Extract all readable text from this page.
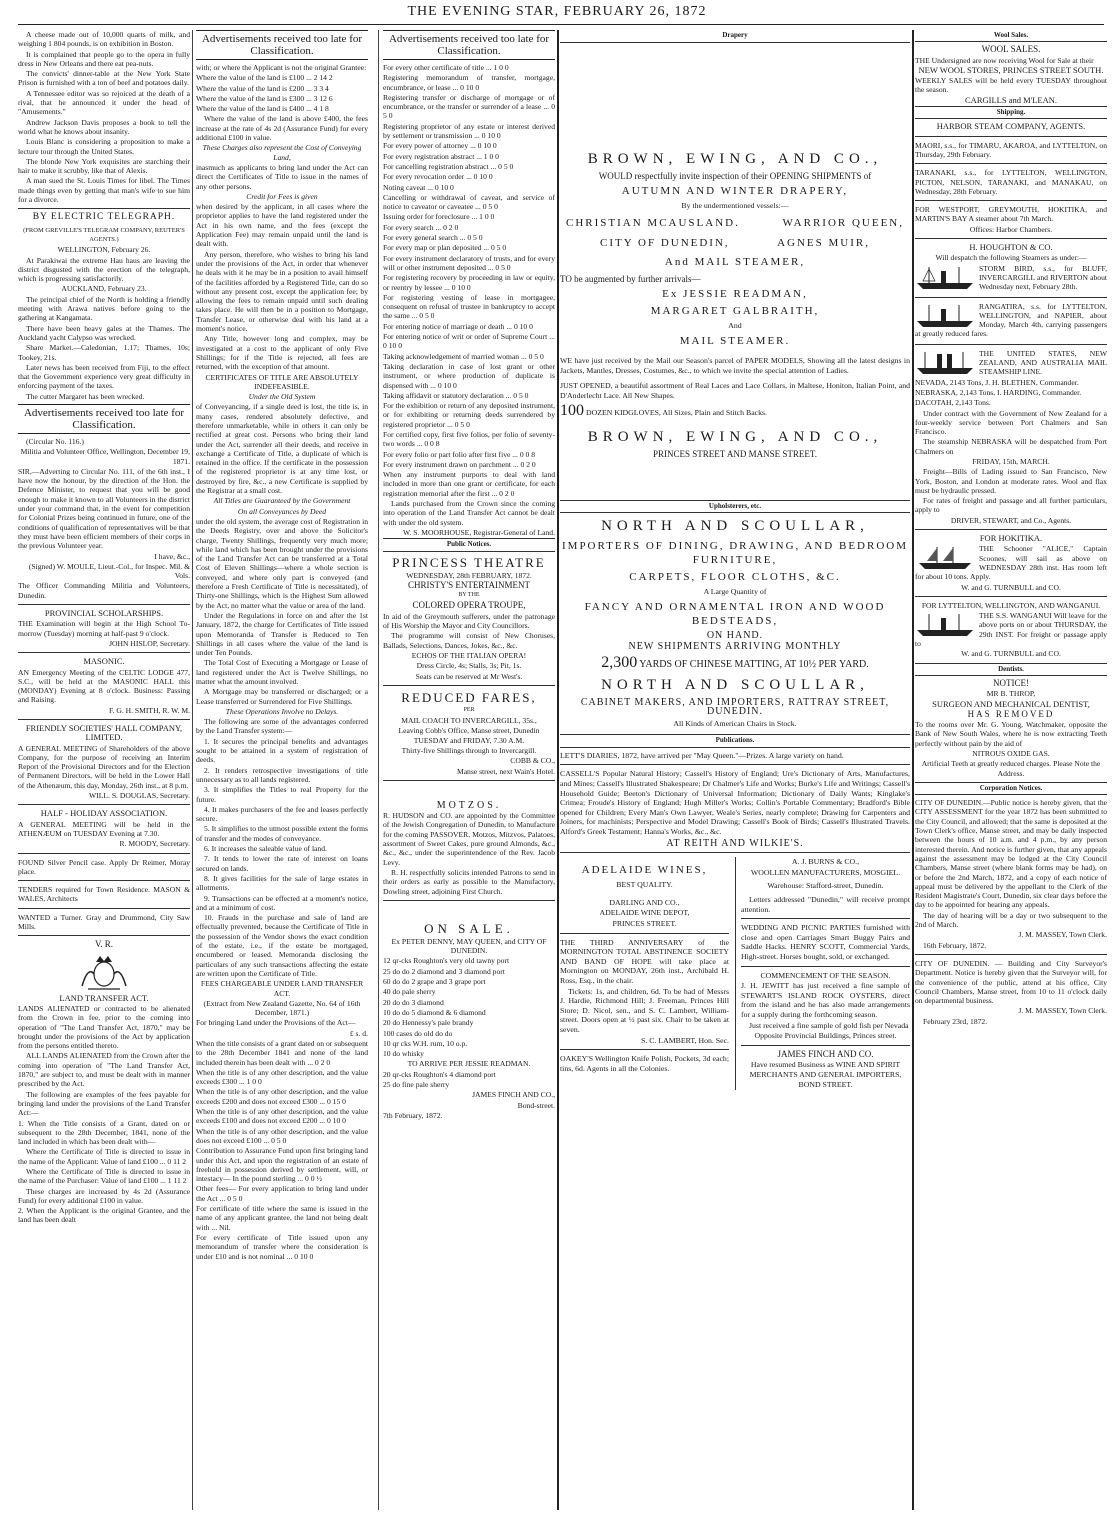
THE EVENING STAR, FEBRUARY 26, 1872

A cheese made out of 10,000 quarts of milk, and weighing 1 804 pounds, is on exhibition in Boston.

It is complained that people go to the opera in fully dress in New Orleans and there eat pea-nuts.

The convicts' dinner-table at the New York State Prison is furnished with a ton of beef and potatoes daily.

A Tennessee editor was so rejoiced at the death of a rival, that he announced it under the head of "Amusements."

Andrew Jackson Davis proposes a book to tell the world what he knows about insanity.

Louis Blanc is considering a proposition to make a lecture tour through the United States.

The blonde New York exquisites are starching their hair to make it scrubby, like that of Alexis.

A man sued the St. Louis Times for libel. The Times made things even by getting that man's wife to sue him for a divorce.

BY ELECTRIC TELEGRAPH.

(FROM GREVILLE'S TELEGRAM COMPANY, REUTER'S AGENTS.)

WELLINGTON, February 26.

At Parakiwai the extreme Hau haus are leaving the district disgusted with the erection of the telegraph, which is progressing satisfactorily.

AUCKLAND, February 23.

The principal chief of the North is holding a friendly meeting with Arawa natives before going to the gathering at Kangamata.

There have been heavy gales at the Thames. The Auckland yacht Calypso was wrecked.

Share Market.—Caledonian, 1.17; Thames, 10s; Tookey, 21s.

Later news has been received from Fiji, to the effect that the Government experience very great difficulty in enforcing payment of the taxes.

The cutter Margaret has been wrecked.

Advertisements received too late for Classification.

(Circular No. 116.)

Militia and Volunteer Office, Wellington, December 19, 1871.

SIR,—Adverting to Circular No. 111, of the 6th inst., I have now the honour, by the direction of the Hon. the Defence Minister, to request that you will be good enough to make it known to all Volunteers in the district under your command that, in the event for competition for Colonial Prizes being continued in future, one of the conditions of qualification of representatives will be that they must have been efficient members of their corps in the previous Volunteer year.

I have, &c.,

(Signed) W. MOULE, Lieut.-Col., for Inspec. Mil. & Vols.

The Officer Commanding Militia and Volunteers, Dunedin.

PROVINCIAL SCHOLARSHIPS.

THE Examination will begin at the High School To-morrow (Tuesday) morning at half-past 9 o'clock.

JOHN HISLOP, Secretary.

MASONIC.

AN Emergency Meeting of the CELTIC LODGE 477, S.C., will be held at the MASONIC HALL this (MONDAY) Evening at 8 o'clock. Business: Passing and Raising.

F. G. H. SMITH, R. W. M.

FRIENDLY SOCIETIES' HALL COMPANY, LIMITED.

A GENERAL MEETING of Shareholders of the above Company, for the purpose of receiving an Interim Report of the Provisional Directors and for the Election of Permanent Directors, will be held in the Lower Hall of the Athenæum, this day, Monday, 26th inst., at 8 p.m.

WILL. S. DOUGLAS, Secretary.

HALF - HOLIDAY ASSOCIATION.

A GENERAL MEETING will be held in the ATHENÆUM on TUESDAY Evening at 7.30.

R. MOODY, Secretary.

FOUND Silver Pencil case. Apply Dr Reimer, Moray place.

TENDERS required for Town Residence. MASON & WALES, Architects

WANTED a Turner. Gray and Drummond, City Saw Mills.

V. R.

LAND TRANSFER ACT.

LANDS ALIENATED or contracted to be alienated from the Crown in fee, prior to the coming into operation of "The Land Transfer Act, 1870," may be brought under the provisions of the Act by application from the persons entitled thereto.

ALL LANDS ALIENATED from the Crown after the coming into operation of "The Land Transfer Act, 1870," are subject to, and must be dealt with in manner prescribed by the Act.

The following are examples of the fees payable for bringing land under the provisions of the Land Transfer Act:—

1. When the Title consists of a Grant, dated on or subsequent to the 28th December, 1841, none of the land included in which has been dealt with—

Where the Certificate of Title is directed to issue in the name of the Applicant: Value of land £100 ... 0 11 2

Where the Certificate of Title is directed to issue in the name of the Purchaser: Value of land £100 ... 1 11 2

These charges are increased by 4s 2d (Assurance Fund) for every additional £100 in value.

2. When the Applicant is the original Grantee, and the land has been dealt

Advertisements received too late for Classification.

with; or where the Applicant is not the original Grantee:

Where the value of the land is £100 ... 2 14 2

Where the value of the land is £200 ... 3 3 4

Where the value of the land is £300 ... 3 12 6

Where the value of the land is £400 ... 4 1 8

Where the value of the land is above £400, the fees increase at the rate of 4s 2d (Assurance Fund) for every additional £100 in value.

These Charges also represent the Cost of Conveying Land,

inasmuch as applicants to bring land under the Act can direct the Certificates of Title to issue in the names of any other persons.

Credit for Fees is given

when desired by the applicant, in all cases where the proprietor applies to have the land registered under the Act in his own name, and the fees (except the Application Fee) may remain unpaid until the land is dealt with.

Any person, therefore, who wishes to bring his land under the provisions of the Act, in order that whenever he deals with it he may be in a position to avail himself of the facilities afforded by a Registered Title, can do so without any present cost, except the application fee; by allowing the fees to remain unpaid until such dealing takes place. He will then be in a position to Mortgage, Transfer Lease, or otherwise deal with his land at a moment's notice.

Any Title, however long and complex, may be investigated at a cost to the applicant of only Five Shillings; for if the Title is rejected, all fees are returned, with the exception of that amount.

CERTIFICATES OF TITLE ARE ABSOLUTELY INDEFEASIBLE.

Under the Old System

of Conveyancing, if a single deed is lost, the title is, in many cases, rendered absolutely defective, and therefore unmarketable, while in others it can only be rectified at great cost. Persons who bring their land under the Act, surrender all their deeds, and receive in exchange a Certificate of Title, a duplicate of which is retained in the office. If the certificate in the possession of the registered proprietor is at any time lost, or destroyed by fire, &c., a new Certificate is supplied by the Registrar at a small cost.

All Titles are Guaranteed by the Government

On all Conveyances by Deed

under the old system, the average cost of Registration in the Deeds Registry, over and above the Solicitor's charge, Twenty Shillings, frequently very much more; while land which has been brought under the provisions of the Land Transfer Act can be transferred at a Total Cost of Eleven Shillings—where a whole section is conveyed, and where only part is conveyed (and therefore a Fresh Certificate of Title is necessitated), of Thirty-one Shillings, which is the Highest Sum allowed by the Act, no matter what the value or area of the land.

Under the Regulations in force on and after the 1st January, 1872, the charge for Certificates of Title issued upon Memoranda of Transfer is Reduced to Ten Shillings in all cases where the value of the land is under Ten Pounds.

The Total Cost of Executing a Mortgage or Lease of land registered under the Act is Twelve Shillings, no matter what the amount involved.

A Mortgage may be transferred or discharged; or a Lease transferred or Surrendered for Five Shillings.

These Operations Involve no Delays.

The following are some of the advantages conferred by the Land Transfer system:—

1. It secures the principal benefits and advantages sought to be attained in a system of registration of deeds.

2. It renders retrospective investigations of title unnecessary as to all lands registered.

3. It simplifies the Titles to real Property for the future.

4. It makes purchasers of the fee and leases perfectly secure.

5. It simplifies to the utmost possible extent the forms of transfer and the modes of conveyance.

6. It increases the saleable value of land.

7. It tends to lower the rate of interest on loans secured on lands.

8. It gives facilities for the sale of large estates in allotments.

9. Transactions can be effected at a moment's notice, and at a minimum of cost.

10. Frauds in the purchase and sale of land are effectually prevented, because the Certificate of Title in the possession of the Vendor shows the exact condition of the estate, i.e., if the estate be mortgaged, encumbered or leased. Memoranda disclosing the particulars of any such transactions affecting the estate are written upon the Certificate of Title.

FEES CHARGEABLE UNDER LAND TRANSFER ACT.

(Extract from New Zealand Gazette, No. 64 of 16th December, 1871.)

For bringing Land under the Provisions of the Act—

£ s. d.

When the title consists of a grant dated on or subsequent to the 28th December 1841 and none of the land included therein has been dealt with ... 0 2 0

When the title is of any other description, and the value exceeds £300 ... 1 0 0

When the title is of any other description, and the value exceeds £200 and does not exceed £300 ... 0 15 0

When the title is of any other description, and the value exceeds £100 and does not exceed £200 ... 0 10 0

When the title is of any other description, and the value does not exceed £100 ... 0 5 0

Contribution to Assurance Fund upon first bringing land under this Act, and upon the registration of an estate of freehold in possession derived by settlement, will, or intestacy— In the pound sterling ... 0 0 ½

Other fees— For every application to bring land under the Act ... 0 5 0

For certificate of title where the same is issued in the name of any applicant grantee, the land not being dealt with ... Nil.

For every certificate of Title issued upon any memorandum of transfer where the consideration is under £10 and is not nominal ... 0 10 0

Advertisements received too late for Classification.

For every other certificate of title ... 1 0 0

Registering memorandum of transfer, mortgage, encumbrance, or lease ... 0 10 0

Registering transfer or discharge of mortgage or of encumbrance, or the transfer or surrender of a lease ... 0 5 0

Registering proprietor of any estate or interest derived by settlement or transmission ... 0 10 0

For every power of attorney ... 0 10 0

For every registration abstract ... 1 0 0

For cancelling registration abstract ... 0 5 0

For every revocation order ... 0 10 0

Noting caveat ... 0 10 0

Cancelling or withdrawal of caveat, and service of notice to caveator or caveatee ... 0 5 0

Issuing order for foreclosure ... 1 0 0

For every search ... 0 2 0

For every general search ... 0 5 0

For every map or plan deposited ... 0 5 0

For every instrument declaratory of trusts, and for every will or other instrument deposited ... 0 5 0

For registering recovery by proceeding in law or equity, or reentry by lessee ... 0 10 0

For registering vesting of lease in mortgagee, consequent on refusal of trustee in bankruptcy to accept the same ... 0 5 0

For entering notice of marriage or death ... 0 10 0

For entering notice of writ or order of Supreme Court ... 0 10 0

Taking acknowledgement of married woman ... 0 5 0

Taking declaration in case of lost grant or other instrument, or where production of duplicate is dispensed with ... 0 10 0

Taking affidavit or statutory declaration ... 0 5 0

For the exhibition or return of any deposited instrument, or for exhibiting or returning deeds surrendered by registered proprietor ... 0 5 0

For certified copy, first five folios, per folio of seventy-two words ... 0 0 8

For every folio or part folio after first five ... 0 0 8

For every instrument drawn on parchment ... 0 2 0

When any instrument purports to deal with land included in more than one grant or certificate, for each registration memorial after the first ... 0 2 0

Lands purchased from the Crown since the coming into operation of the Land Transfer Act cannot be dealt with under the old system.

W. S. MOORHOUSE, Registrar-General of Land.

Public Notices.

PRINCESS THEATRE

WEDNESDAY, 28th FEBRUARY, 1872.

CHRISTY'S ENTERTAINMENT

BY THE

COLORED OPERA TROUPE,

In aid of the Greymouth sufferers, under the patronage of His Worship the Mayor and City Councillors.

The programme will consist of New Choruses, Ballads, Selections, Dances, Jokes, &c., &c.

ECHOS OF THE ITALIAN OPERA!

Dress Circle, 4s; Stalls, 3s; Pit, 1s.

Seats can be reserved at Mr West's.

REDUCED FARES,

PER

MAIL COACH TO INVERCARGILL, 35s.,

Leaving Cobb's Office, Manse street, Dunedin TUESDAY and FRIDAY, 7.30 A.M.

Thirty-five Shillings through to Invercargill.

COBB & CO.,

Manse street, next Wain's Hotel.

MOTZOS.

R. HUDSON and CO. are appointed by the Committee of the Jewish Congregation of Dunedin, to Manufacture for the coming PASSOVER, Motzos, Mitzvos, Palatoes, assortment of Sweet Cakes, pure ground Almonds, &c., &c., &c., under the superintendence of the Rev. Jacob Levy.

R. H. respectfully solicits intended Patrons to send in their orders as early as possible to the Manufactory, Dowling street, adjoining First Church.

ON SALE.

Ex PETER DENNY, MAY QUEEN, and CITY OF DUNEDIN.

12 qr-cks Roughton's very old tawny port

25 do do 2 diamond and 3 diamond port

60 do do 2 grape and 3 grape port

40 do pale sherry

20 do do 3 diamond

10 do do 5 diamond & 6 diamond

20 do Hennessy's pale brandy

100 cases do old do do

10 qr cks W.H. rum, 10 o.p.

10 do whisky

TO ARRIVE PER JESSIE READMAN.

20 qr-cks Roughton's 4 diamond port

25 do fine pale sherry

JAMES FINCH AND CO.,

Bond-street.

7th February, 1872.

Drapery

BROWN, EWING, AND CO.,

WOULD respectfully invite inspection of their OPENING SHIPMENTS of

AUTUMN AND WINTER DRAPERY,

By the undermentioned vessels:—

CHRISTIAN MCAUSLAND.	WARRIOR QUEEN,
CITY OF DUNEDIN,	AGNES MUIR,

And MAIL STEAMER,

TO be augmented by further arrivals—

Ex JESSIE READMAN,

MARGARET GALBRAITH,

And

MAIL STEAMER.

WE have just received by the Mail our Season's parcel of PAPER MODELS, Showing all the latest designs in Jackets, Mantles, Dresses, Costumes, &c., to which we invite the special attention of Ladies.

JUST OPENED, a beautiful assortment of Real Laces and Lace Collars, in Maltese, Honiton, Italian Point, and D'Anderlecht Lace. All New Shapes.

100 DOZEN KIDGLOVES, All Sizes, Plain and Stitch Backs.

BROWN, EWING, AND CO.,

PRINCES STREET AND MANSE STREET.

Upholsterers, etc.

NORTH AND SCOULLAR,

IMPORTERS OF DINING, DRAWING, AND BEDROOM FURNITURE,

CARPETS, FLOOR CLOTHS, &C.

A Large Quantity of

FANCY AND ORNAMENTAL IRON AND WOOD BEDSTEADS,

ON HAND.

NEW SHIPMENTS ARRIVING MONTHLY

2,300 YARDS OF CHINESE MATTING, AT 10½ PER YARD.

NORTH AND SCOULLAR,

CABINET MAKERS, AND IMPORTERS, RATTRAY STREET, DUNEDIN.

All Kinds of American Chairs in Stock.

Publications.

LETT'S DIARIES, 1872, have arrived per "May Queen."—Prizes. A large variety on hand.

CASSELL'S Popular Natural History; Cassell's History of England; Ure's Dictionary of Arts, Manufactures, and Mines; Cassell's Illustrated Shakespeare; Dr Chalmer's Life and Works; Burke's Life and Writings; Cassell's Household Guide; Beeton's Dictionary of Universal Information; Dictionary of Daily Wants; Kinglake's Crimea; Froude's History of England; Hugh Miller's Works; Collin's Portable Commentary; Bradford's Bible opened for Children; Every Man's Own Lawyer, Weale's Series, nearly complete; Drawing for Carpenters and Joiners, for machinists; Perspective and Model Drawing; Cassell's Book of Birds; Cassell's Illustrated Travels. Alford's Greek Testament; Hanna's Works, &c., &c.

AT REITH AND WILKIE'S.

ADELAIDE WINES,

BEST QUALITY.

DARLING AND CO.,

ADELAIDE WINE DEPOT,

PRINCES STREET.

THE THIRD ANNIVERSARY of the MORNINGTON TOTAL ABSTINENCE SOCIETY AND BAND OF HOPE will take place at Mornington on MONDAY, 26th inst., Archibald H. Ross, Esq., in the chair.

Tickets: 1s, and children, 6d. To be had of Messrs J. Hardie, Richmond Hill; J. Freeman, Princes Hill Store; D. Nicol, sen., and S. C. Lambert, William-street. Doors open at ½ past six. Chair to be taken at seven.

S. C. LAMBERT, Hon. Sec.

OAKEY'S Wellington Knife Polish, Pockets, 3d each; tins, 6d. Agents in all the Colonies.

A. J. BURNS & CO.,

WOOLLEN MANUFACTURERS, MOSGIEL.

Warehouse: Stafford-street, Dunedin.

Letters addressed "Dunedin," will receive prompt attention.

WEDDING AND PICNIC PARTIES furnished with close and open Carriages Smart Buggy Pairs and Saddle Hacks. HENRY SCOTT, Commercial Yards, High-street. Horses bought, sold, or exchanged.

COMMENCEMENT OF THE SEASON.

J. H. JEWITT has just received a fine sample of STEWART'S ISLAND ROCK OYSTERS, direct from the island and he has also made arrangements for a supply during the forthcoming season.

Just received a fine sample of gold fish per Nevada

Opposite Provincial Buildings, Princes street.

JAMES FINCH AND CO.

Have resumed Business as WINE AND SPIRIT MERCHANTS AND GENERAL IMPORTERS, BOND STREET.

Wool Sales.

WOOL SALES.

THE Undersigned are now receiving Wool for Sale at their

NEW WOOL STORES, PRINCES STREET SOUTH.

WEEKLY SALES will be held every TUESDAY throughout the season.

CARGILLS and M'LEAN.

Shipping.

HARBOR STEAM COMPANY, AGENTS.

MAORI, s.s., for TIMARU, AKAROA, and LYTTELTON, on Thursday, 29th February.

TARANAKI, s.s., for LYTTELTON, WELLINGTON, PICTON, NELSON, TARANAKI, and MANAKAU, on Wednesday, 28th February.

FOR WESTPORT, GREYMOUTH, HOKITIKA, and MARTIN'S BAY A steamer about 7th March.

Offices: Harbor Chambers.

H. HOUGHTON & CO.

Will despatch the following Steamers as under:—

STORM BIRD, s.s., for BLUFF, INVERCARGILL and RIVERTON about Wednesday next, February 28th.

RANGATIRA, s.s. for LYTTELTON, WELLINGTON, and NAPIER, about Monday, March 4th, carrying passengers at greatly reduced fares.

THE UNITED STATES, NEW ZEALAND, AND AUSTRALIA MAIL STEAMSHIP LINE.

NEVADA, 2143 Tons, J. H. BLETHEN, Commander.

NEBRASKA, 2,143 Tons, I. HARDING, Commander.

DACOTAH, 2,143 Tons.

Under contract with the Government of New Zealand for a four-weekly service between Port Chalmers and San Francisco.

The steamship NEBRASKA will be despatched from Port Chalmers on

FRIDAY, 15th, MARCH.

Freight—Bills of Lading issued to San Francisco, New York, Boston, and London at moderate rates. Wool and flax must be hydraulic pressed.

For rates of freight and passage and all further particulars, apply to

DRIVER, STEWART, and Co., Agents.

FOR HOKITIKA.

THE Schooner "ALICE," Captain Scoones, will sail as above on WEDNESDAY 28th inst. Has room left for about 10 tons. Apply.

W. and G. TURNBULL and CO.

FOR LYTTELTON, WELLINGTON, AND WANGANUI.

THE S.S. WANGANUI Will leave for the above ports on or about THURSDAY, the 29th INST. For freight or passage apply to

W. and G. TURNBULL and CO.

Dentists.

NOTICE!

MR B. THROP,

SURGEON AND MECHANICAL DENTIST,

HAS REMOVED

To the rooms over Mr. G. Young, Watchmaker, opposite the Bank of New South Wales, where he is now extracting Teeth perfectly without pain by the aid of

NITROUS OXIDE GAS.

Artificial Teeth at greatly reduced charges. Please Note the Address.

Corporation Notices.

CITY OF DUNEDIN.—Public notice is hereby given, that the CITY ASSESSMENT for the year 1872 has been submitted to the City Council, and allowed; that the same is deposited at the Town Clerk's office, Manse street, and may be daily inspected between the hours of 10 a.m. and 4 p.m., by any person interested therein. And notice is further given, that any appeals against the assessment may be lodged at the City Council Chambers, Manse street (where blank forms may be had), on or before the 2nd March, 1872, and a copy of each notice of appeal must be delivered by the appellant to the Clerk of the Resident Magistrate's Court, Dunedin, six clear days before the day to be appointed for hearing any appeals.

The day of hearing will be a day or two subsequent to the 2nd of March.

J. M. MASSEY, Town Clerk.

16th February, 1872.

CITY OF DUNEDIN. — Building and City Surveyor's Department. Notice is hereby given that the Surveyor will, for the convenience of the public, attend at his office, City Council Chambers, Manse street, from 10 to 11 o'clock daily on departmental business.

J. M. MASSEY, Town Clerk.

February 23rd, 1872.
